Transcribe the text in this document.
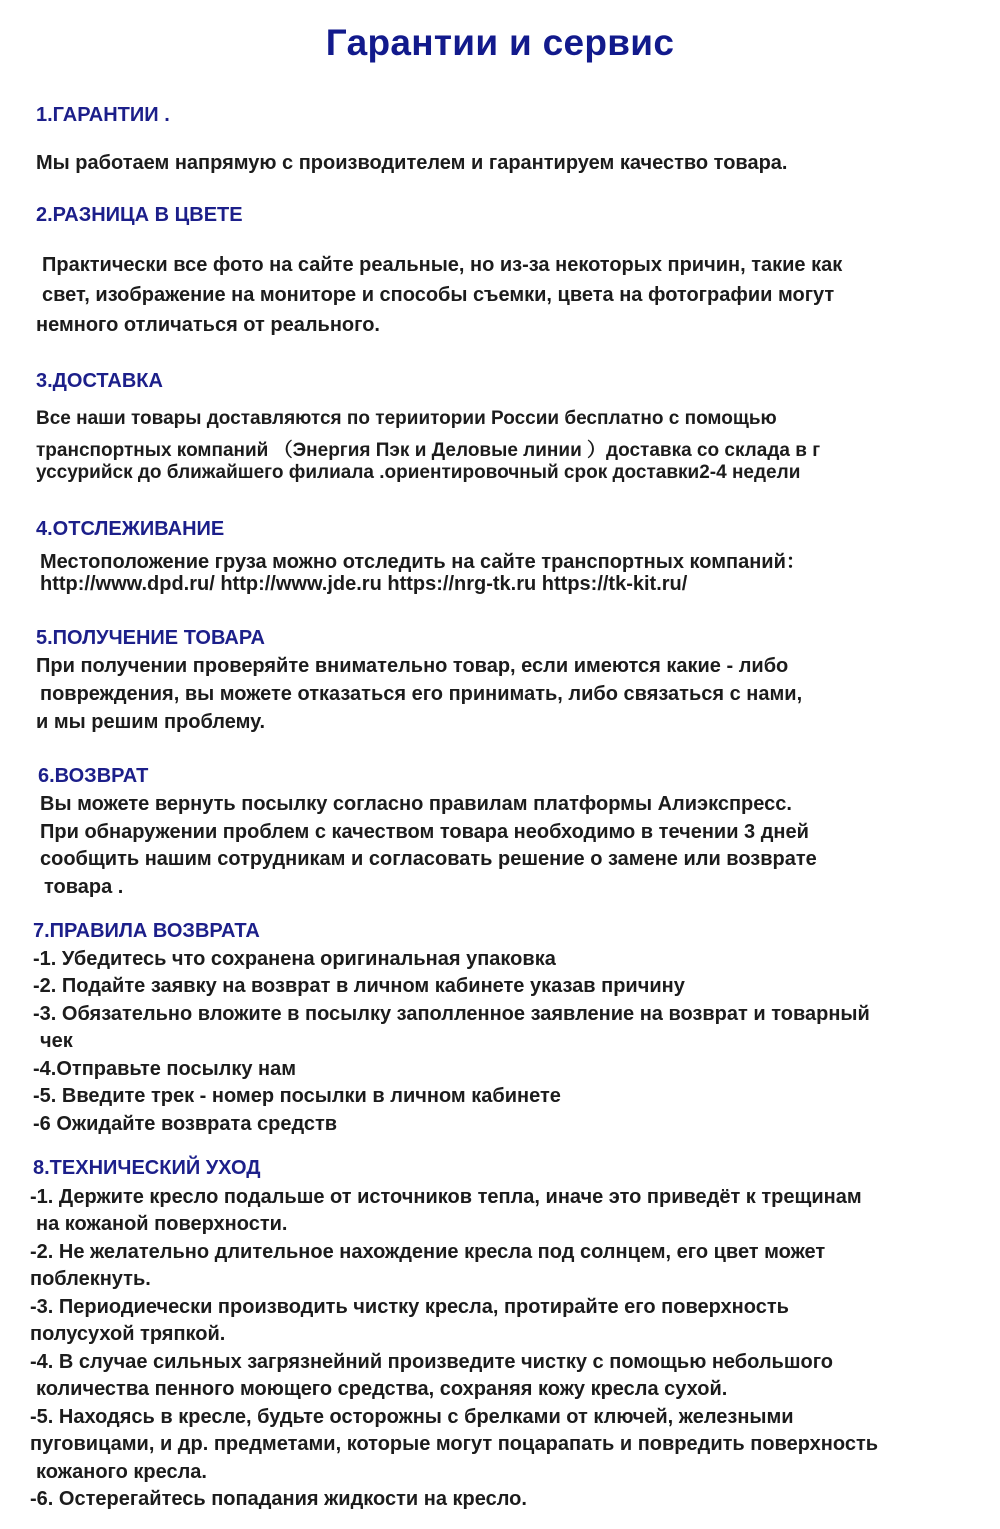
Гарантии и сервис
1.ГАРАНТИИ .
Мы работаем напрямую с производителем и гарантируем качество товара.
2.РАЗНИЦА В ЦВЕТЕ
Практически все фото на сайте реальные, но из-за некоторых причин, такие как
свет, изображение на мониторе и способы съемки, цвета на фотографии могут
немного отличаться от реального.
3.ДОСТАВКА
Все наши товары доставляются по териитории России бесплатно с помощью
транспортных компаний （Энергия Пэк и Деловые линии ）доставка со склада в г
уссурийск до ближайшего филиала .ориентировочный срок доставки2-4 недели
4.ОТСЛЕЖИВАНИЕ
Местоположение груза можно отследить на сайте транспортных компаний：
http://www.dpd.ru/ http://www.jde.ru https://nrg-tk.ru https://tk-kit.ru/
5.ПОЛУЧЕНИЕ ТОВАРА
При получении проверяйте внимательно товар, если имеются какие - либо
повреждения, вы можете отказаться его принимать, либо связаться с нами,
и мы решим проблему.
6.ВОЗВРАТ
Вы можете вернуть посылку согласно правилам платформы Алиэкспресс.
При обнаружении проблем с качеством товара необходимо в течении 3 дней
сообщить нашим сотрудникам и согласовать решение о замене или возврате
товара .
7.ПРАВИЛА ВОЗВРАТА
-1. Убедитесь что сохранена оригинальная упаковка
-2. Подайте заявку на возврат в личном кабинете указав причину
-3. Обязательно вложите в посылку заполленное заявление на возврат и товарный
чек
-4.Отправьте посылку нам
-5. Введите трек - номер посылки в личном кабинете
-6 Ожидайте возврата средств
8.ТЕХНИЧЕСКИЙ УХОД
-1. Держите кресло подальше от источников тепла, иначе это приведёт к трещинам
на кожаной поверхности.
-2. Не желательно длительное нахождение кресла под солнцем, его цвет может
поблекнуть.
-3. Периодиечески производить чистку кресла, протирайте его поверхность
полусухой тряпкой.
-4. В случае сильных загрязнейний произведите чистку с помощью небольшого
количества пенного моющего средства, сохраняя кожу кресла сухой.
-5. Находясь в кресле, будьте осторожны с брелками от ключей, железными
пуговицами, и др. предметами, которые могут поцарапать и повредить поверхность
кожаного кресла.
-6. Остерегайтесь попадания жидкости на кресло.
